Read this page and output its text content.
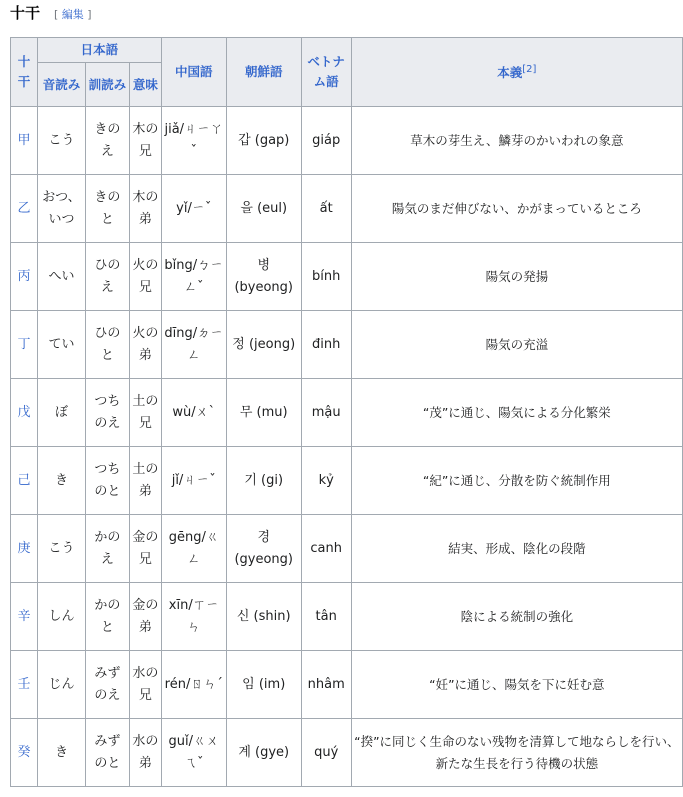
十干 [ 編集 ]
十干	日本語			中国語	朝鮮語	ベトナム語	本義[2]
	音読み	訓読み	意味				
甲	こう	きのえ	木の兄	jiǎ/ㄐㄧㄚˇ	갑 (gap)	giáp	草木の芽生え、鱗芽のかいわれの象意
乙	おつ、いつ	きのと	木の弟	yǐ/ㄧˇ	을 (eul)	ất	陽気のまだ伸びない、かがまっているところ
丙	へい	ひのえ	火の兄	bǐng/ㄅㄧㄥˇ	병 (byeong)	bính	陽気の発揚
丁	てい	ひのと	火の弟	dīng/ㄉㄧㄥ	정 (jeong)	đinh	陽気の充溢
戊	ぼ	つちのえ	土の兄	wù/ㄨˋ	무 (mu)	mậu	“茂”に通じ、陽気による分化繁栄
己	き	つちのと	土の弟	jǐ/ㄐㄧˇ	기 (gi)	kỷ	“紀”に通じ、分散を防ぐ統制作用
庚	こう	かのえ	金の兄	gēng/ㄍㄥ	경 (gyeong)	canh	結実、形成、陰化の段階
辛	しん	かのと	金の弟	xīn/ㄒㄧㄣ	신 (shin)	tân	陰による統制の強化
壬	じん	みずのえ	水の兄	rén/ㄖㄣˊ	임 (im)	nhâm	“妊”に通じ、陽気を下に妊む意
癸	き	みずのと	水の弟	guǐ/ㄍㄨㄟˇ	계 (gye)	quý	“揆”に同じく生命のない残物を清算して地ならしを行い、新たな生長を行う待機の状態
